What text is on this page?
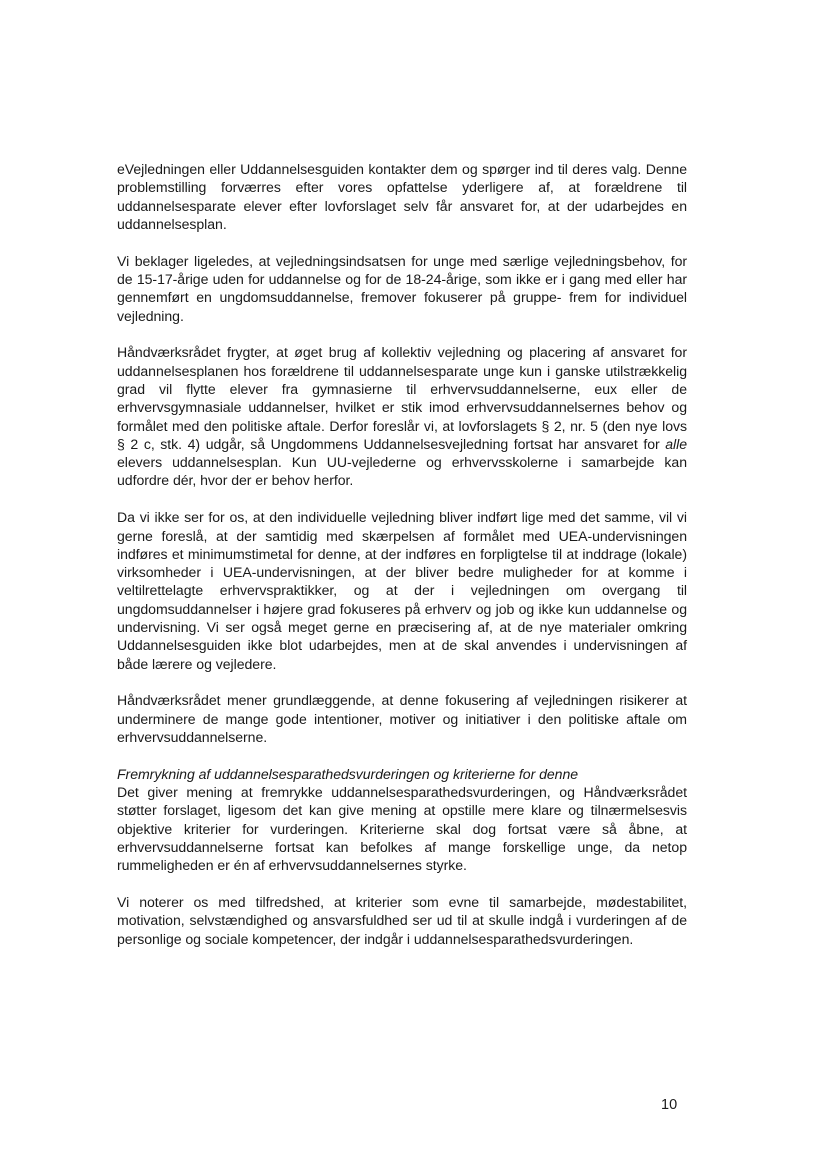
eVejledningen eller Uddannelsesguiden kontakter dem og spørger ind til deres valg. Denne problemstilling forværres efter vores opfattelse yderligere af, at forældrene til uddannelsesparate elever efter lovforslaget selv får ansvaret for, at der udarbejdes en uddannelsesplan.

Vi beklager ligeledes, at vejledningsindsatsen for unge med særlige vejledningsbehov, for de 15-17-årige uden for uddannelse og for de 18-24-årige, som ikke er i gang med eller har gennemført en ungdomsuddannelse, fremover fokuserer på gruppe- frem for individuel vejledning.

Håndværksrådet frygter, at øget brug af kollektiv vejledning og placering af ansvaret for uddannelsesplanen hos forældrene til uddannelsesparate unge kun i ganske utilstrækkelig grad vil flytte elever fra gymnasierne til erhvervsuddannelserne, eux eller de erhvervsgymnasiale uddannelser, hvilket er stik imod erhvervsuddannelsernes behov og formålet med den politiske aftale. Derfor foreslår vi, at lovforslagets § 2, nr. 5 (den nye lovs § 2 c, stk. 4) udgår, så Ungdommens Uddannelsesvejledning fortsat har ansvaret for alle elevers uddannelsesplan. Kun UU-vejlederne og erhvervsskolerne i samarbejde kan udfordre dér, hvor der er behov herfor.

Da vi ikke ser for os, at den individuelle vejledning bliver indført lige med det samme, vil vi gerne foreslå, at der samtidig med skærpelsen af formålet med UEA-undervisningen indføres et minimumstimetal for denne, at der indføres en forpligtelse til at inddrage (lokale) virksomheder i UEA-undervisningen, at der bliver bedre muligheder for at komme i veltilrettelagte erhvervspraktikker, og at der i vejledningen om overgang til ungdomsuddannelser i højere grad fokuseres på erhverv og job og ikke kun uddannelse og undervisning. Vi ser også meget gerne en præcisering af, at de nye materialer omkring Uddannelsesguiden ikke blot udarbejdes, men at de skal anvendes i undervisningen af både lærere og vejledere.

Håndværksrådet mener grundlæggende, at denne fokusering af vejledningen risikerer at underminere de mange gode intentioner, motiver og initiativer i den politiske aftale om erhvervsuddannelserne.

Fremrykning af uddannelsesparathedsvurderingen og kriterierne for denne

Det giver mening at fremrykke uddannelsesparathedsvurderingen, og Håndværksrådet støtter forslaget, ligesom det kan give mening at opstille mere klare og tilnærmelsesvis objektive kriterier for vurderingen. Kriterierne skal dog fortsat være så åbne, at erhvervsuddannelserne fortsat kan befolkes af mange forskellige unge, da netop rummeligheden er én af erhvervsuddannelsernes styrke.

Vi noterer os med tilfredshed, at kriterier som evne til samarbejde, mødestabilitet, motivation, selvstændighed og ansvarsfuldhed ser ud til at skulle indgå i vurderingen af de personlige og sociale kompetencer, der indgår i uddannelsesparathedsvurderingen.

10
